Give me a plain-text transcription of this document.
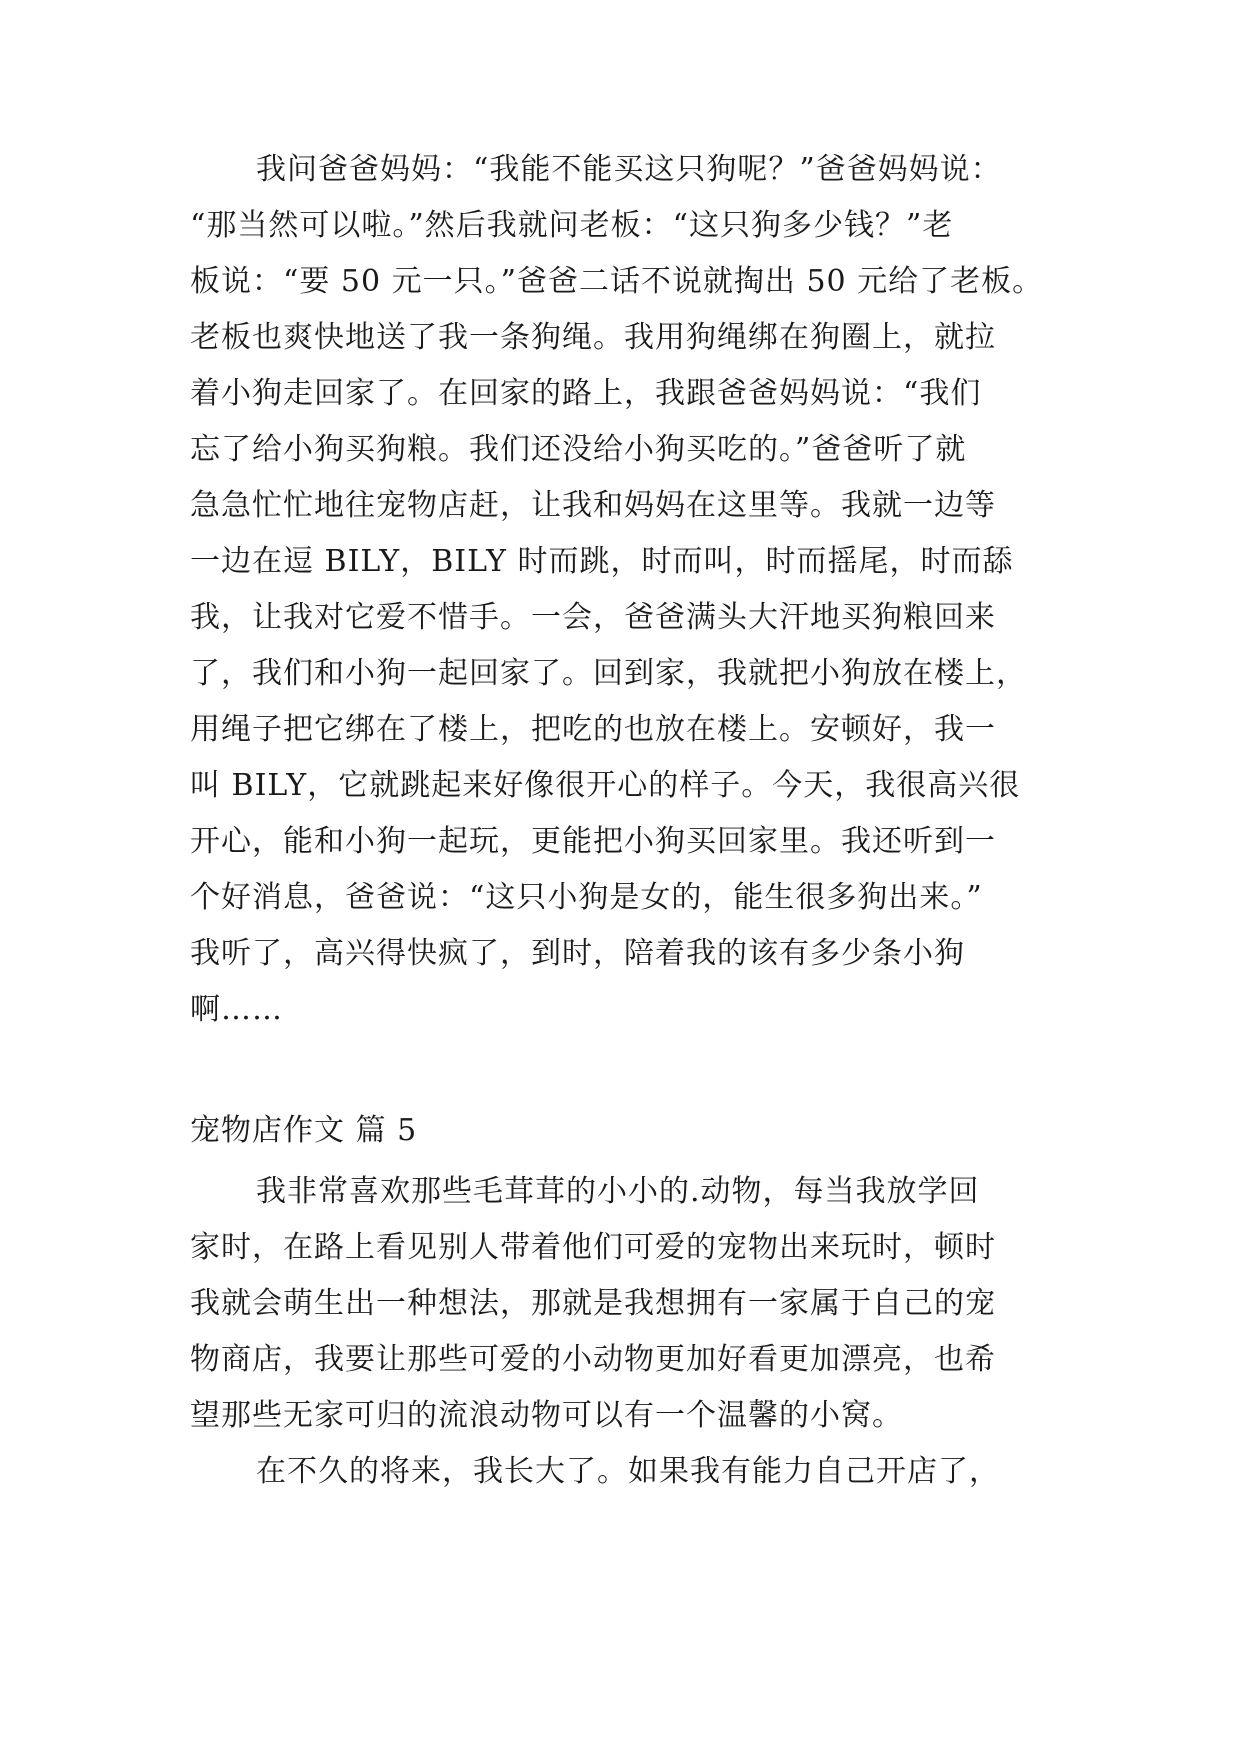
我问爸爸妈妈：“我能不能买这只狗呢？”爸爸妈妈说：
“那当然可以啦。”然后我就问老板：“这只狗多少钱？”老
板说：“要 50 元一只。”爸爸二话不说就掏出 50 元给了老板。
老板也爽快地送了我一条狗绳。我用狗绳绑在狗圈上，就拉
着小狗走回家了。在回家的路上，我跟爸爸妈妈说：“我们
忘了给小狗买狗粮。我们还没给小狗买吃的。”爸爸听了就
急急忙忙地往宠物店赶，让我和妈妈在这里等。我就一边等
一边在逗 BILY，BILY 时而跳，时而叫，时而摇尾，时而舔
我，让我对它爱不惜手。一会，爸爸满头大汗地买狗粮回来
了，我们和小狗一起回家了。回到家，我就把小狗放在楼上，
用绳子把它绑在了楼上，把吃的也放在楼上。安顿好，我一
叫 BILY，它就跳起来好像很开心的样子。今天，我很高兴很
开心，能和小狗一起玩，更能把小狗买回家里。我还听到一
个好消息，爸爸说：“这只小狗是女的，能生很多狗出来。”
我听了，高兴得快疯了，到时，陪着我的该有多少条小狗
啊……
宠物店作文 篇 5
我非常喜欢那些毛茸茸的小小的.动物，每当我放学回
家时，在路上看见别人带着他们可爱的宠物出来玩时，顿时
我就会萌生出一种想法，那就是我想拥有一家属于自己的宠
物商店，我要让那些可爱的小动物更加好看更加漂亮，也希
望那些无家可归的流浪动物可以有一个温馨的小窝。
在不久的将来，我长大了。如果我有能力自己开店了，
